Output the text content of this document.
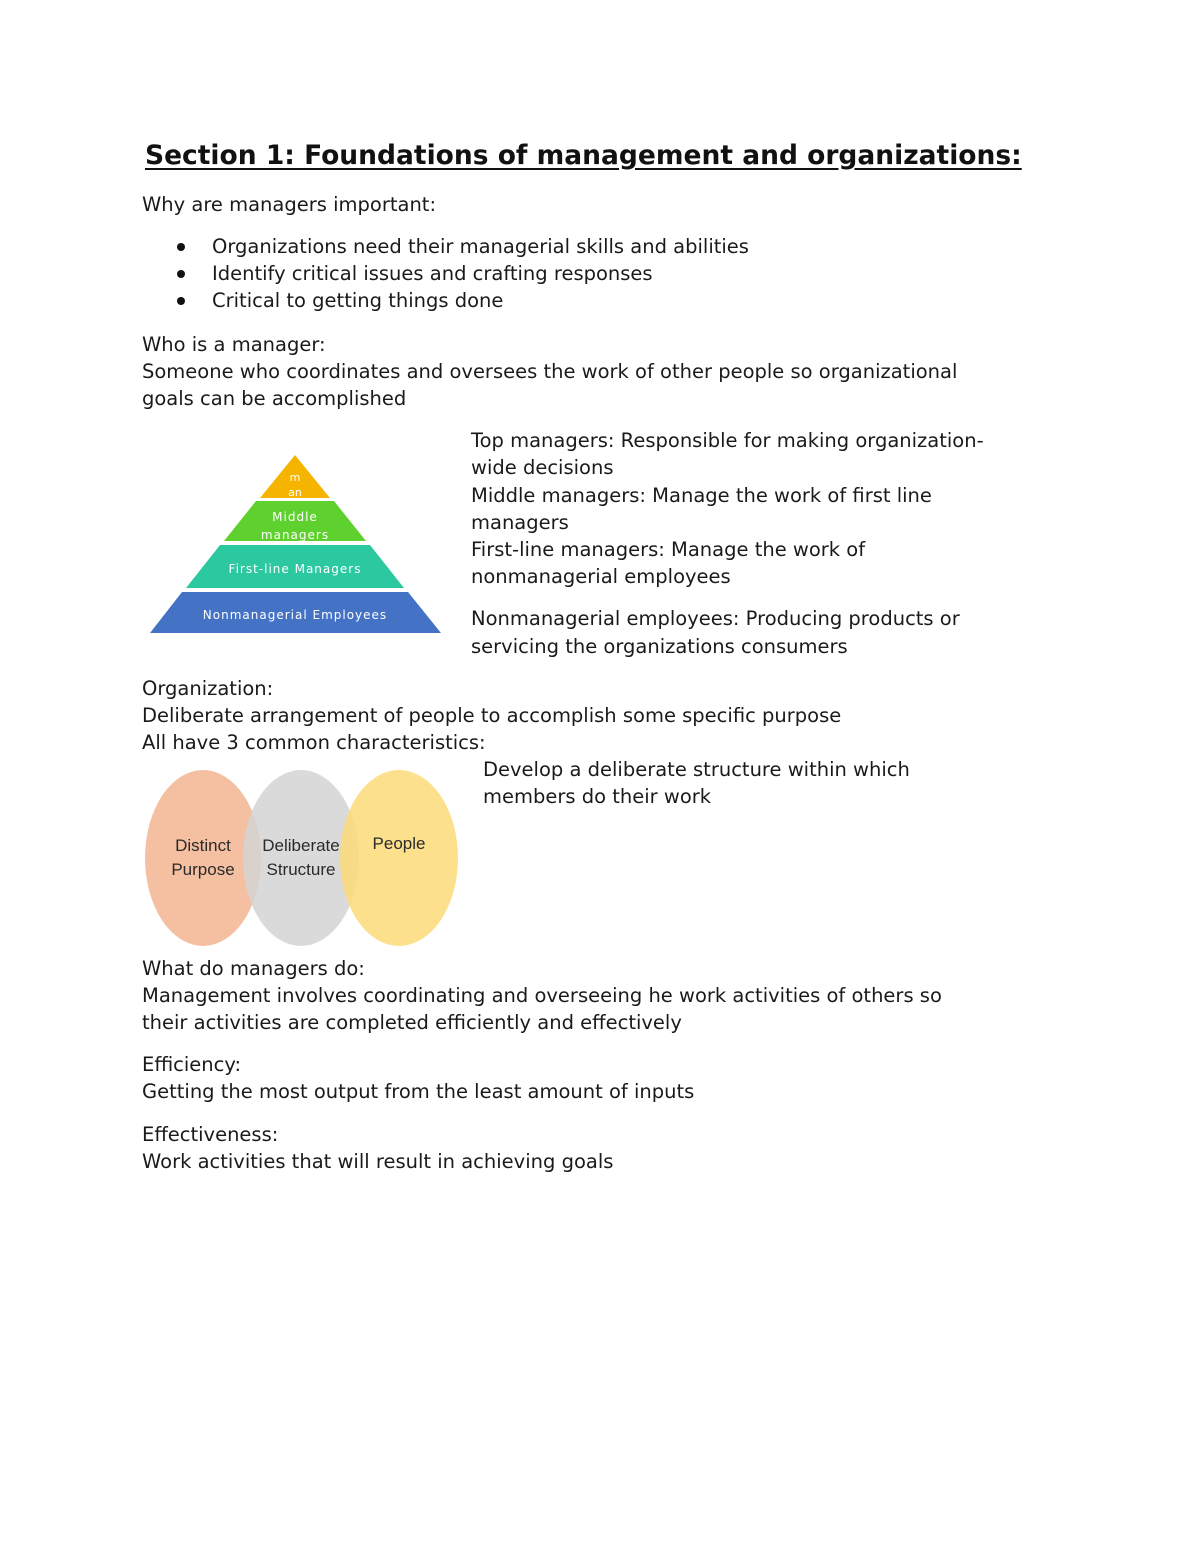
Section 1: Foundations of management and organizations:
Why are managers important:
Organizations need their managerial skills and abilities
Identify critical issues and crafting responses
Critical to getting things done
Who is a manager:
Someone who coordinates and oversees the work of other people so organizational
goals can be accomplished
m
an
Middle
managers
First-line Managers
Nonmanagerial Employees
Top managers: Responsible for making organization-
wide decisions
Middle managers: Manage the work of first line
managers
First-line managers: Manage the work of
nonmanagerial employees
Nonmanagerial employees: Producing products or
servicing the organizations consumers
Organization:
Deliberate arrangement of people to accomplish some specific purpose
All have 3 common characteristics:
Distinct
Purpose
Deliberate
Structure
People
Develop a deliberate structure within which
members do their work
What do managers do:
Management involves coordinating and overseeing he work activities of others so
their activities are completed efficiently and effectively
Efficiency:
Getting the most output from the least amount of inputs
Effectiveness:
Work activities that will result in achieving goals
